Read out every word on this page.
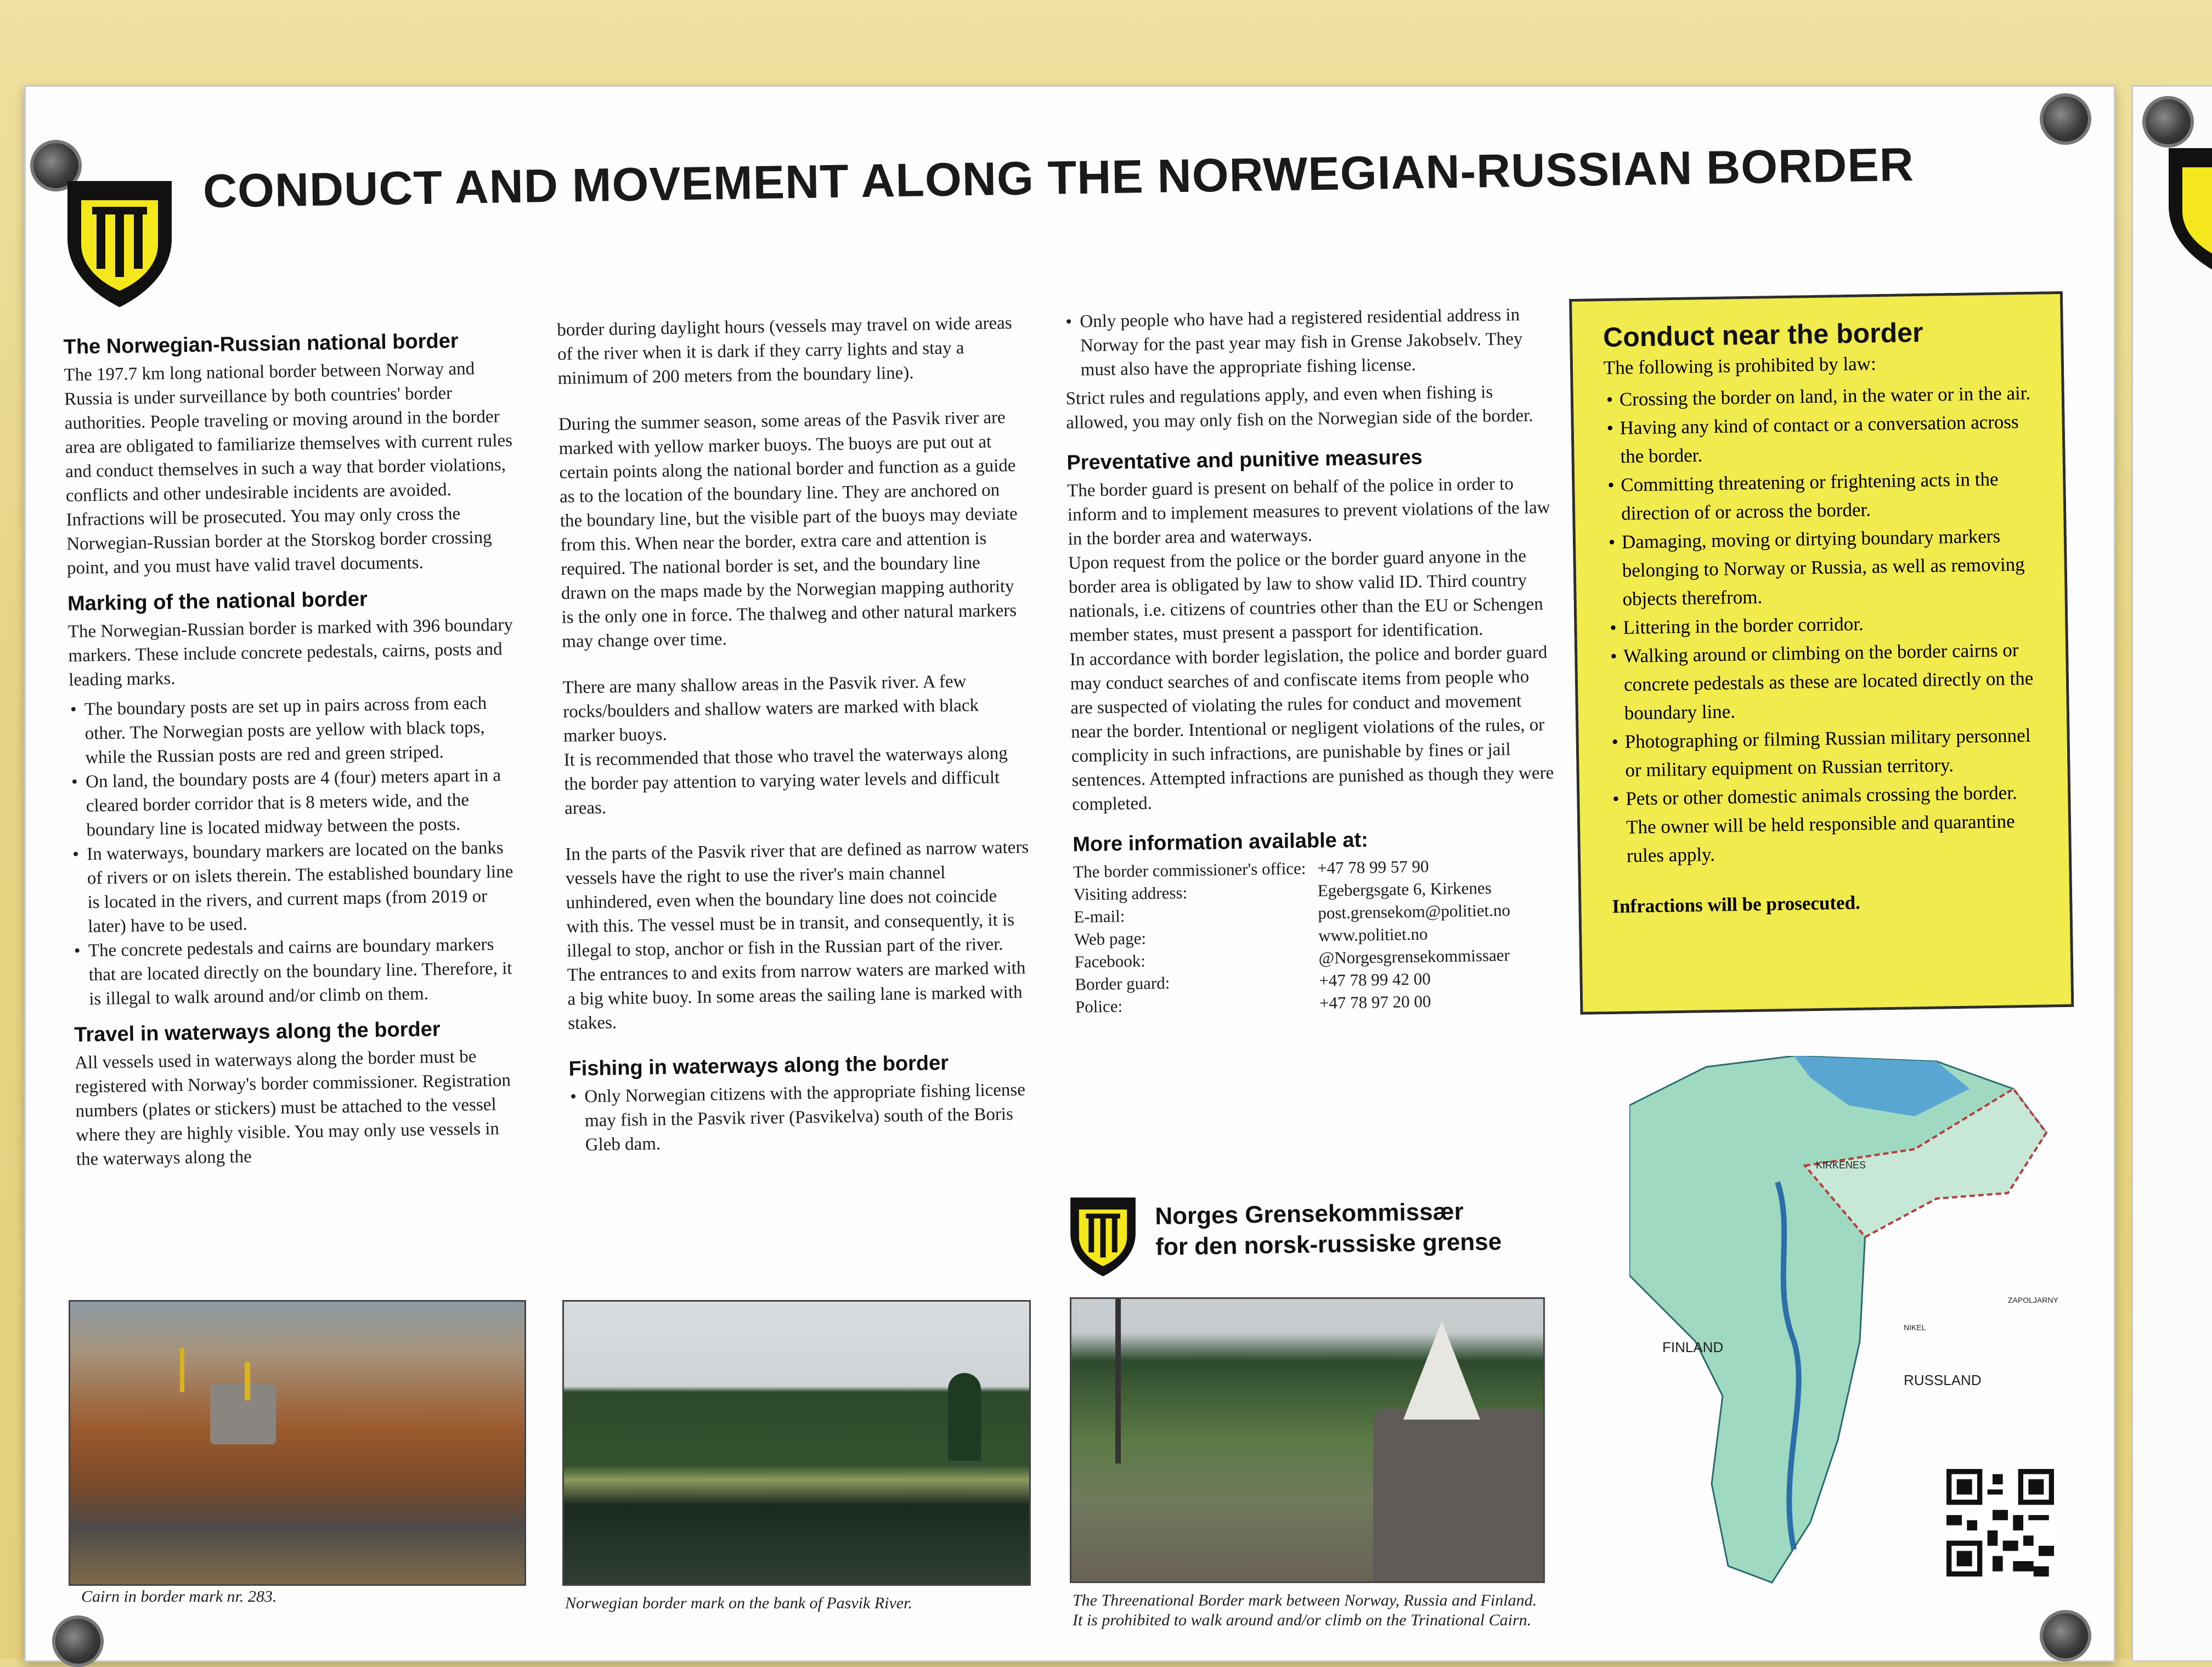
CONDUCT AND MOVEMENT ALONG THE NORWEGIAN-RUSSIAN BORDER
The Norwegian-Russian national border

The 197.7 km long national border between Norway and Russia is under surveillance by both countries' border authorities. People traveling or moving around in the border area are obligated to familiarize themselves with current rules and conduct themselves in such a way that border violations, conflicts and other undesirable incidents are avoided. Infractions will be prosecuted. You may only cross the Norwegian-Russian border at the Storskog border crossing point, and you must have valid travel documents.

Marking of the national border

The Norwegian-Russian border is marked with 396 boundary markers. These include concrete pedestals, cairns, posts and leading marks.

• The boundary posts are set up in pairs across from each other. The Norwegian posts are yellow with black tops, while the Russian posts are red and green striped.
• On land, the boundary posts are 4 (four) meters apart in a cleared border corridor that is 8 meters wide, and the boundary line is located midway between the posts.
• In waterways, boundary markers are located on the banks of rivers or on islets therein. The established boundary line is located in the rivers, and current maps (from 2019 or later) have to be used.
• The concrete pedestals and cairns are boundary markers that are located directly on the boundary line. Therefore, it is illegal to walk around and/or climb on them.
Travel in waterways along the border

All vessels used in waterways along the border must be registered with Norway's border commissioner. Registration numbers (plates or stickers) must be attached to the vessel where they are highly visible. You may only use vessels in the waterways along the

border during daylight hours (vessels may travel on wide areas of the river when it is dark if they carry lights and stay a minimum of 200 meters from the boundary line).

During the summer season, some areas of the Pasvik river are marked with yellow marker buoys. The buoys are put out at certain points along the national border and function as a guide as to the location of the boundary line. They are anchored on the boundary line, but the visible part of the buoys may deviate from this. When near the border, extra care and attention is required. The national border is set, and the boundary line drawn on the maps made by the Norwegian mapping authority is the only one in force. The thalweg and other natural markers may change over time.

There are many shallow areas in the Pasvik river. A few rocks/boulders and shallow waters are marked with black marker buoys.

It is recommended that those who travel the waterways along the border pay attention to varying water levels and difficult areas.

In the parts of the Pasvik river that are defined as narrow waters vessels have the right to use the river's main channel unhindered, even when the boundary line does not coincide with this. The vessel must be in transit, and consequently, it is illegal to stop, anchor or fish in the Russian part of the river. The entrances to and exits from narrow waters are marked with a big white buoy. In some areas the sailing lane is marked with stakes.

Fishing in waterways along the border
• Only Norwegian citizens with the appropriate fishing license may fish in the Pasvik river (Pasvikelva) south of the Boris Gleb dam.
• Only people who have had a registered residential address in Norway for the past year may fish in Grense Jakobselv. They must also have the appropriate fishing license.

Strict rules and regulations apply, and even when fishing is allowed, you may only fish on the Norwegian side of the border.

Preventative and punitive measures

The border guard is present on behalf of the police in order to inform and to implement measures to prevent violations of the law in the border area and waterways.

Upon request from the police or the border guard anyone in the border area is obligated by law to show valid ID. Third country nationals, i.e. citizens of countries other than the EU or Schengen member states, must present a passport for identification.

In accordance with border legislation, the police and border guard may conduct searches of and confiscate items from people who are suspected of violating the rules for conduct and movement near the border. Intentional or negligent violations of the rules, or complicity in such infractions, are punishable by fines or jail sentences. Attempted infractions are punished as though they were completed.

More information available at:
The border commissioner's office: +47 78 99 57 90
Visiting address:	Egebergsgate 6, Kirkenes
E-mail:	post.grensekom@politiet.no
Web page:	www.politiet.no
Facebook:	@Norgesgrensekommissaer
Border guard:	+47 78 99 42 00
Police:	+47 78 97 20 00
Norges Grensekommissær
for den norsk-russiske grense
Conduct near the border
The following is prohibited by law:
• Crossing the border on land, in the water or in the air.
• Having any kind of contact or a conversation across the border.
• Committing threatening or frightening acts in the direction of or across the border.
• Damaging, moving or dirtying boundary markers belonging to Norway or Russia, as well as removing objects therefrom.
• Littering in the border corridor.
• Walking around or climbing on the border cairns or concrete pedestals as these are located directly on the boundary line.
• Photographing or filming Russian military personnel or military equipment on Russian territory.
• Pets or other domestic animals crossing the border. The owner will be held responsible and quarantine rules apply.
Infractions will be prosecuted.
Cairn in border mark nr. 283.	Norwegian border mark on the bank of Pasvik River.	The Threenational Border mark between Norway, Russia and Finland. It is prohibited to walk around and/or climb on the Trinational Cairn.
FINLAND
RUSSLAND
KIRKENES
NIKEL
ZAPOLJARNY
